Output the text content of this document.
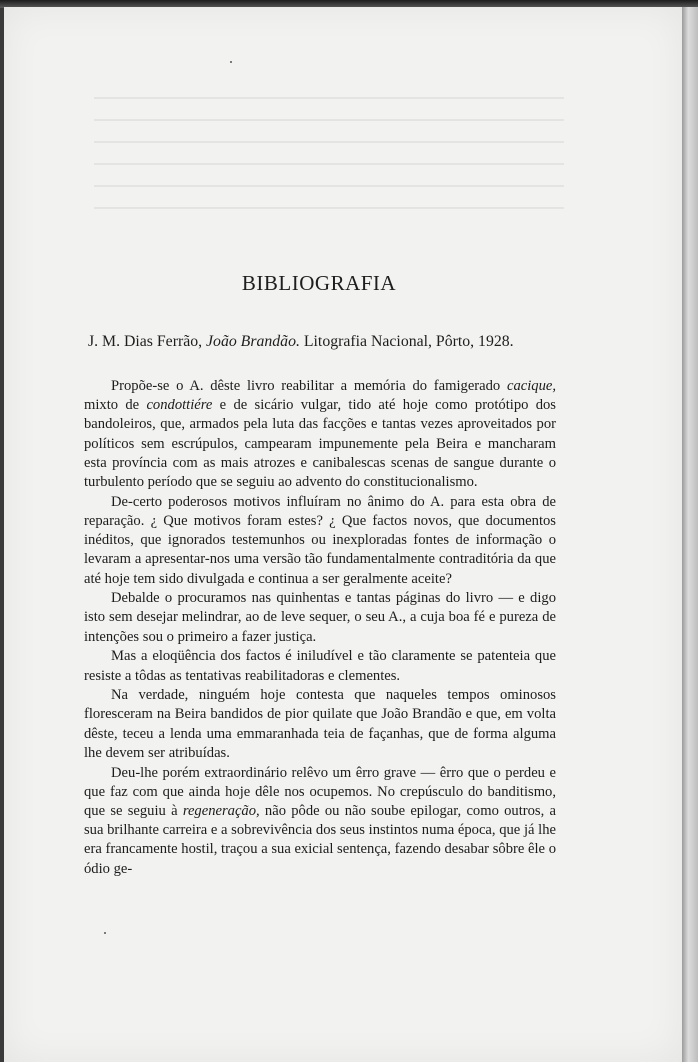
BIBLIOGRAFIA
J. M. Dias Ferrão, João Brandão. Litografia Nacional, Pôrto, 1928.

Propõe-se o A. dêste livro reabilitar a memória do famigerado cacique, mixto de condottiére e de sicário vulgar, tido até hoje como protótipo dos bandoleiros, que, armados pela luta das facções e tantas vezes aproveitados por políticos sem escrúpulos, campearam impunemente pela Beira e mancharam esta província com as mais atrozes e canibalescas scenas de sangue durante o turbulento período que se seguiu ao advento do constitucionalismo.

De-certo poderosos motivos influíram no ânimo do A. para esta obra de reparação. ¿ Que motivos foram estes? ¿ Que factos novos, que documentos inéditos, que ignorados testemunhos ou inexploradas fontes de informação o levaram a apresentar-nos uma versão tão fundamentalmente contraditória da que até hoje tem sido divulgada e continua a ser geralmente aceite?

Debalde o procuramos nas quinhentas e tantas páginas do livro — e digo isto sem desejar melindrar, ao de leve sequer, o seu A., a cuja boa fé e pureza de intenções sou o primeiro a fazer justiça.

Mas a eloqüência dos factos é iniludível e tão claramente se patenteia que resiste a tôdas as tentativas reabilitadoras e clementes.

Na verdade, ninguém hoje contesta que naqueles tempos ominosos floresceram na Beira bandidos de pior quilate que João Brandão e que, em volta dêste, teceu a lenda uma emmaranhada teia de façanhas, que de forma alguma lhe devem ser atribuídas.

Deu-lhe porém extraordinário relêvo um êrro grave — êrro que o perdeu e que faz com que ainda hoje dêle nos ocupemos. No crepúsculo do banditismo, que se seguiu à regeneração, não pôde ou não soube epilogar, como outros, a sua brilhante carreira e a sobrevivência dos seus instintos numa época, que já lhe era francamente hostil, traçou a sua exicial sentença, fazendo desabar sôbre êle o ódio ge-
